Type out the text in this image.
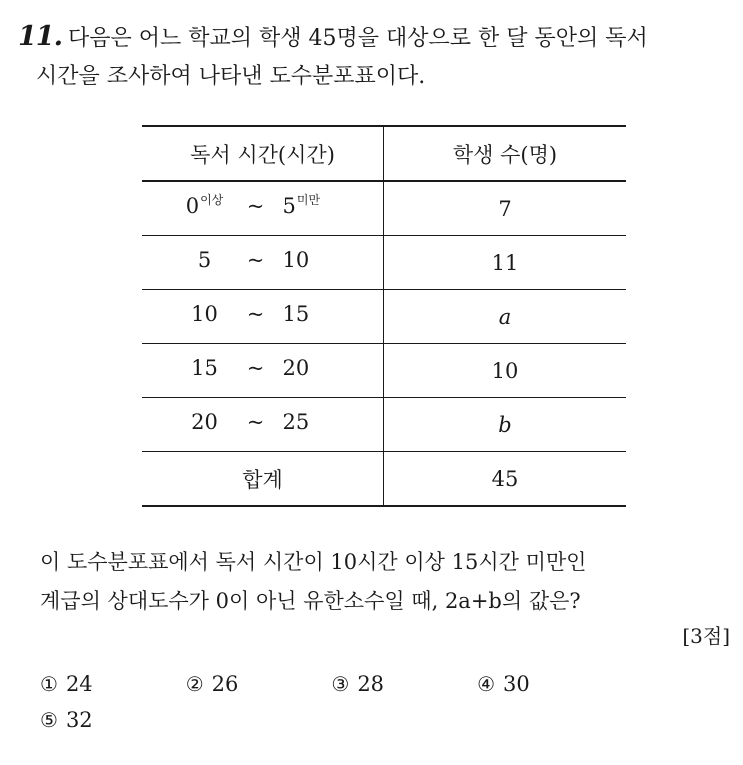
11. 다음은 어느 학교의 학생 45명을 대상으로 한 달 동안의 독서
시간을 조사하여 나타낸 도수분포표이다.
독서 시간(시간)	학생 수(명)

$0^{이상}$ ~ $5^{미만}$	7

5 ~ 10	11

10 ~ 15	a

15 ~ 20	10

20 ~ 25	b
합계	45
이 도수분포표에서 독서 시간이 10시간 이상 15시간 미만인
계급의 상대도수가 0이 아닌 유한소수일 때, 2a+b의 값은?
[3점]
① 24	② 26	③ 28	④ 30 ⑤ 32
